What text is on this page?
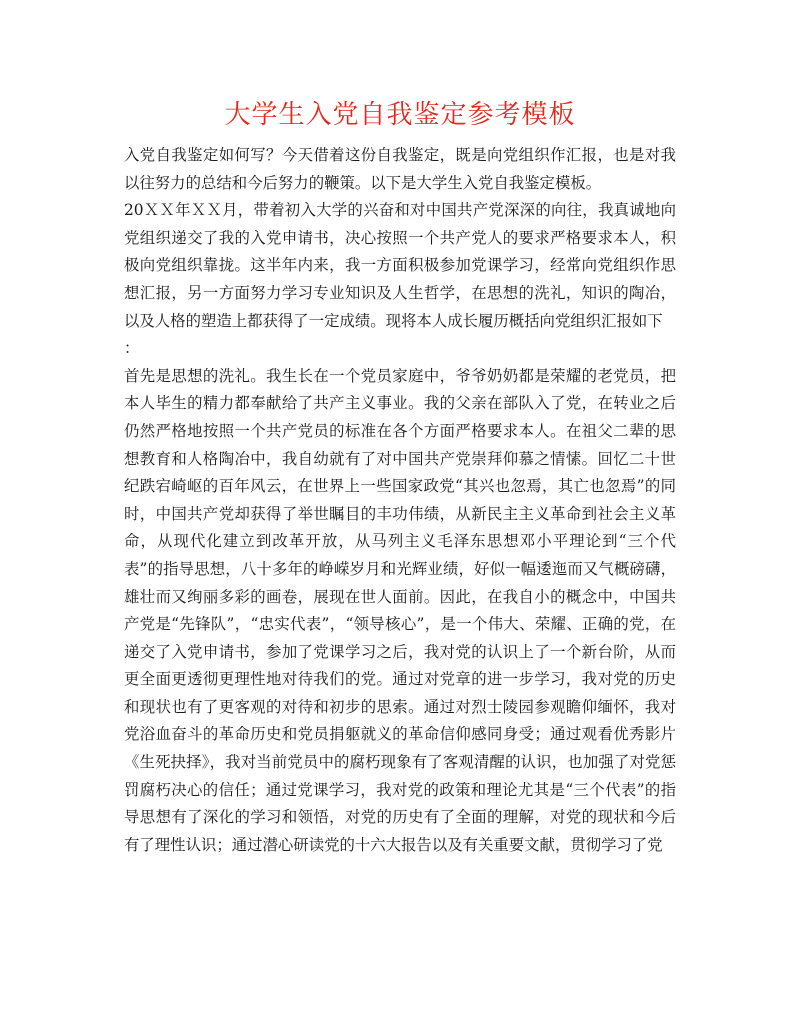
大学生入党自我鉴定参考模板

入党自我鉴定如何写？今天借着这份自我鉴定，既是向党组织作汇报，也是对我以往努力的总结和今后努力的鞭策。以下是大学生入党自我鉴定模板。

20ＸＸ年ＸＸ月，带着初入大学的兴奋和对中国共产党深深的向往，我真诚地向党组织递交了我的入党申请书，决心按照一个共产党人的要求严格要求本人，积极向党组织靠拢。这半年内来，我一方面积极参加党课学习，经常向党组织作思想汇报，另一方面努力学习专业知识及人生哲学，在思想的洗礼，知识的陶冶，以及人格的塑造上都获得了一定成绩。现将本人成长履历概括向党组织汇报如下

：

首先是思想的洗礼。我生长在一个党员家庭中，爷爷奶奶都是荣耀的老党员，把本人毕生的精力都奉献给了共产主义事业。我的父亲在部队入了党，在转业之后仍然严格地按照一个共产党员的标准在各个方面严格要求本人。在祖父二辈的思想教育和人格陶冶中，我自幼就有了对中国共产党崇拜仰慕之情愫。回忆二十世纪跌宕崎岖的百年风云，在世界上一些国家政党“其兴也忽焉，其亡也忽焉”的同时，中国共产党却获得了举世瞩目的丰功伟绩，从新民主主义革命到社会主义革命，从现代化建立到改革开放，从马列主义毛泽东思想邓小平理论到“三个代表”的指导思想，八十多年的峥嵘岁月和光辉业绩，好似一幅逶迤而又气概磅礴，雄壮而又绚丽多彩的画卷，展现在世人面前。因此，在我自小的概念中，中国共产党是“先锋队”，“忠实代表”，“领导核心”，是一个伟大、荣耀、正确的党，在递交了入党申请书，参加了党课学习之后，我对党的认识上了一个新台阶，从而更全面更透彻更理性地对待我们的党。通过对党章的进一步学习，我对党的历史和现状也有了更客观的对待和初步的思索。通过对烈士陵园参观瞻仰缅怀，我对党浴血奋斗的革命历史和党员捐躯就义的革命信仰感同身受；通过观看优秀影片《生死抉择》，我对当前党员中的腐朽现象有了客观清醒的认识，也加强了对党惩罚腐朽决心的信任；通过党课学习，我对党的政策和理论尤其是“三个代表”的指导思想有了深化的学习和领悟，对党的历史有了全面的理解，对党的现状和今后有了理性认识；通过潜心研读党的十六大报告以及有关重要文献，贯彻学习了党
